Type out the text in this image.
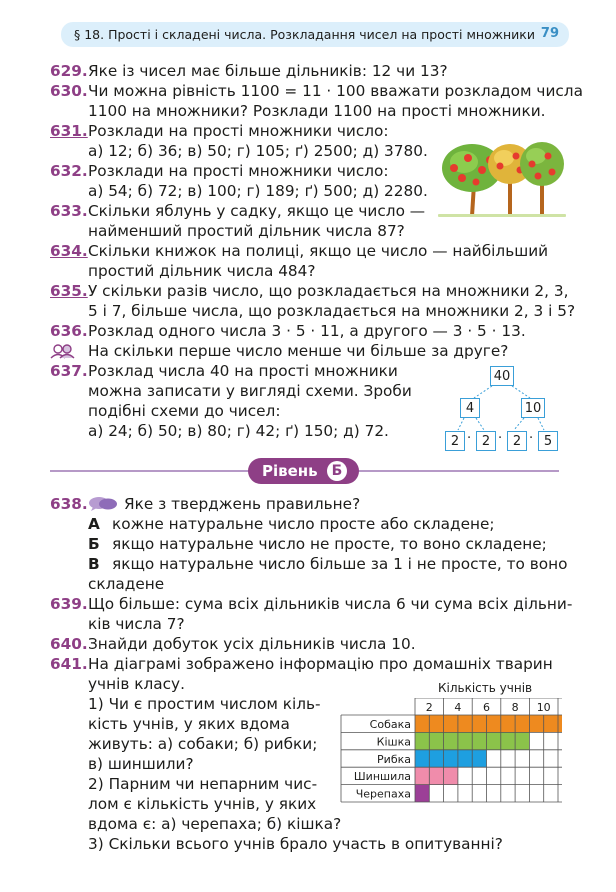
§ 18. Прості і складені числа. Розкладання чисел на прості множники 79
629. Яке із чисел має більше дільників: 12 чи 13?
630. Чи можна рівність 1100 = 11 · 100 вважати розкладом числа
1100 на множники? Розклади 1100 на прості множники.
631. Розклади на прості множники число:
а) 12; б) 36; в) 50; г) 105; ґ) 2500; д) 3780.
632. Розклади на прості множники число:
а) 54; б) 72; в) 100; г) 189; ґ) 500; д) 2280.
633. Скільки яблунь у садку, якщо це число —
найменший простий дільник числа 87?
634. Скільки книжок на полиці, якщо це число — найбільший
простий дільник числа 484?
635. У скільки разів число, що розкладається на множники 2, 3,
5 і 7, більше числа, що розкладається на множники 2, 3 і 5?
636. Розклад одного числа 3 · 5 · 11, а другого — 3 · 5 · 13.
На скільки перше число менше чи більше за друге?
637. Розклад числа 40 на прості множники
можна записати у вигляді схеми. Зроби
подібні схеми до чисел:
а) 24; б) 50; в) 80; г) 42; ґ) 150; д) 72.
40
4	10
2 · 2 · 2 · 5
Рівень	Б
638. Яке з тверджень правильне?
А кожне натуральне число просте або складене;
Б якщо натуральне число не просте, то воно складене;
В якщо натуральне число більше за 1 і не просте, то воно
складене
639. Що більше: сума всіх дільників числа 6 чи сума всіх дільни-
ків числа 7?
640. Знайди добуток усіх дільників числа 10.
641. На діаграмі зображено інформацію про домашніх тварин
учнів класу.
1) Чи є простим числом кіль-
кість учнів, у яких вдома
живуть: а) собаки; б) рибки;
в) шиншили?
2) Парним чи непарним чис-
лом є кількість учнів, у яких
вдома є: а) черепаха; б) кішка?
3) Скільки всього учнів брало участь в опитуванні?
Кількість учнів
2 4 6 8 10
Собака
Кішка
Рибка
Шиншила
Черепаха
